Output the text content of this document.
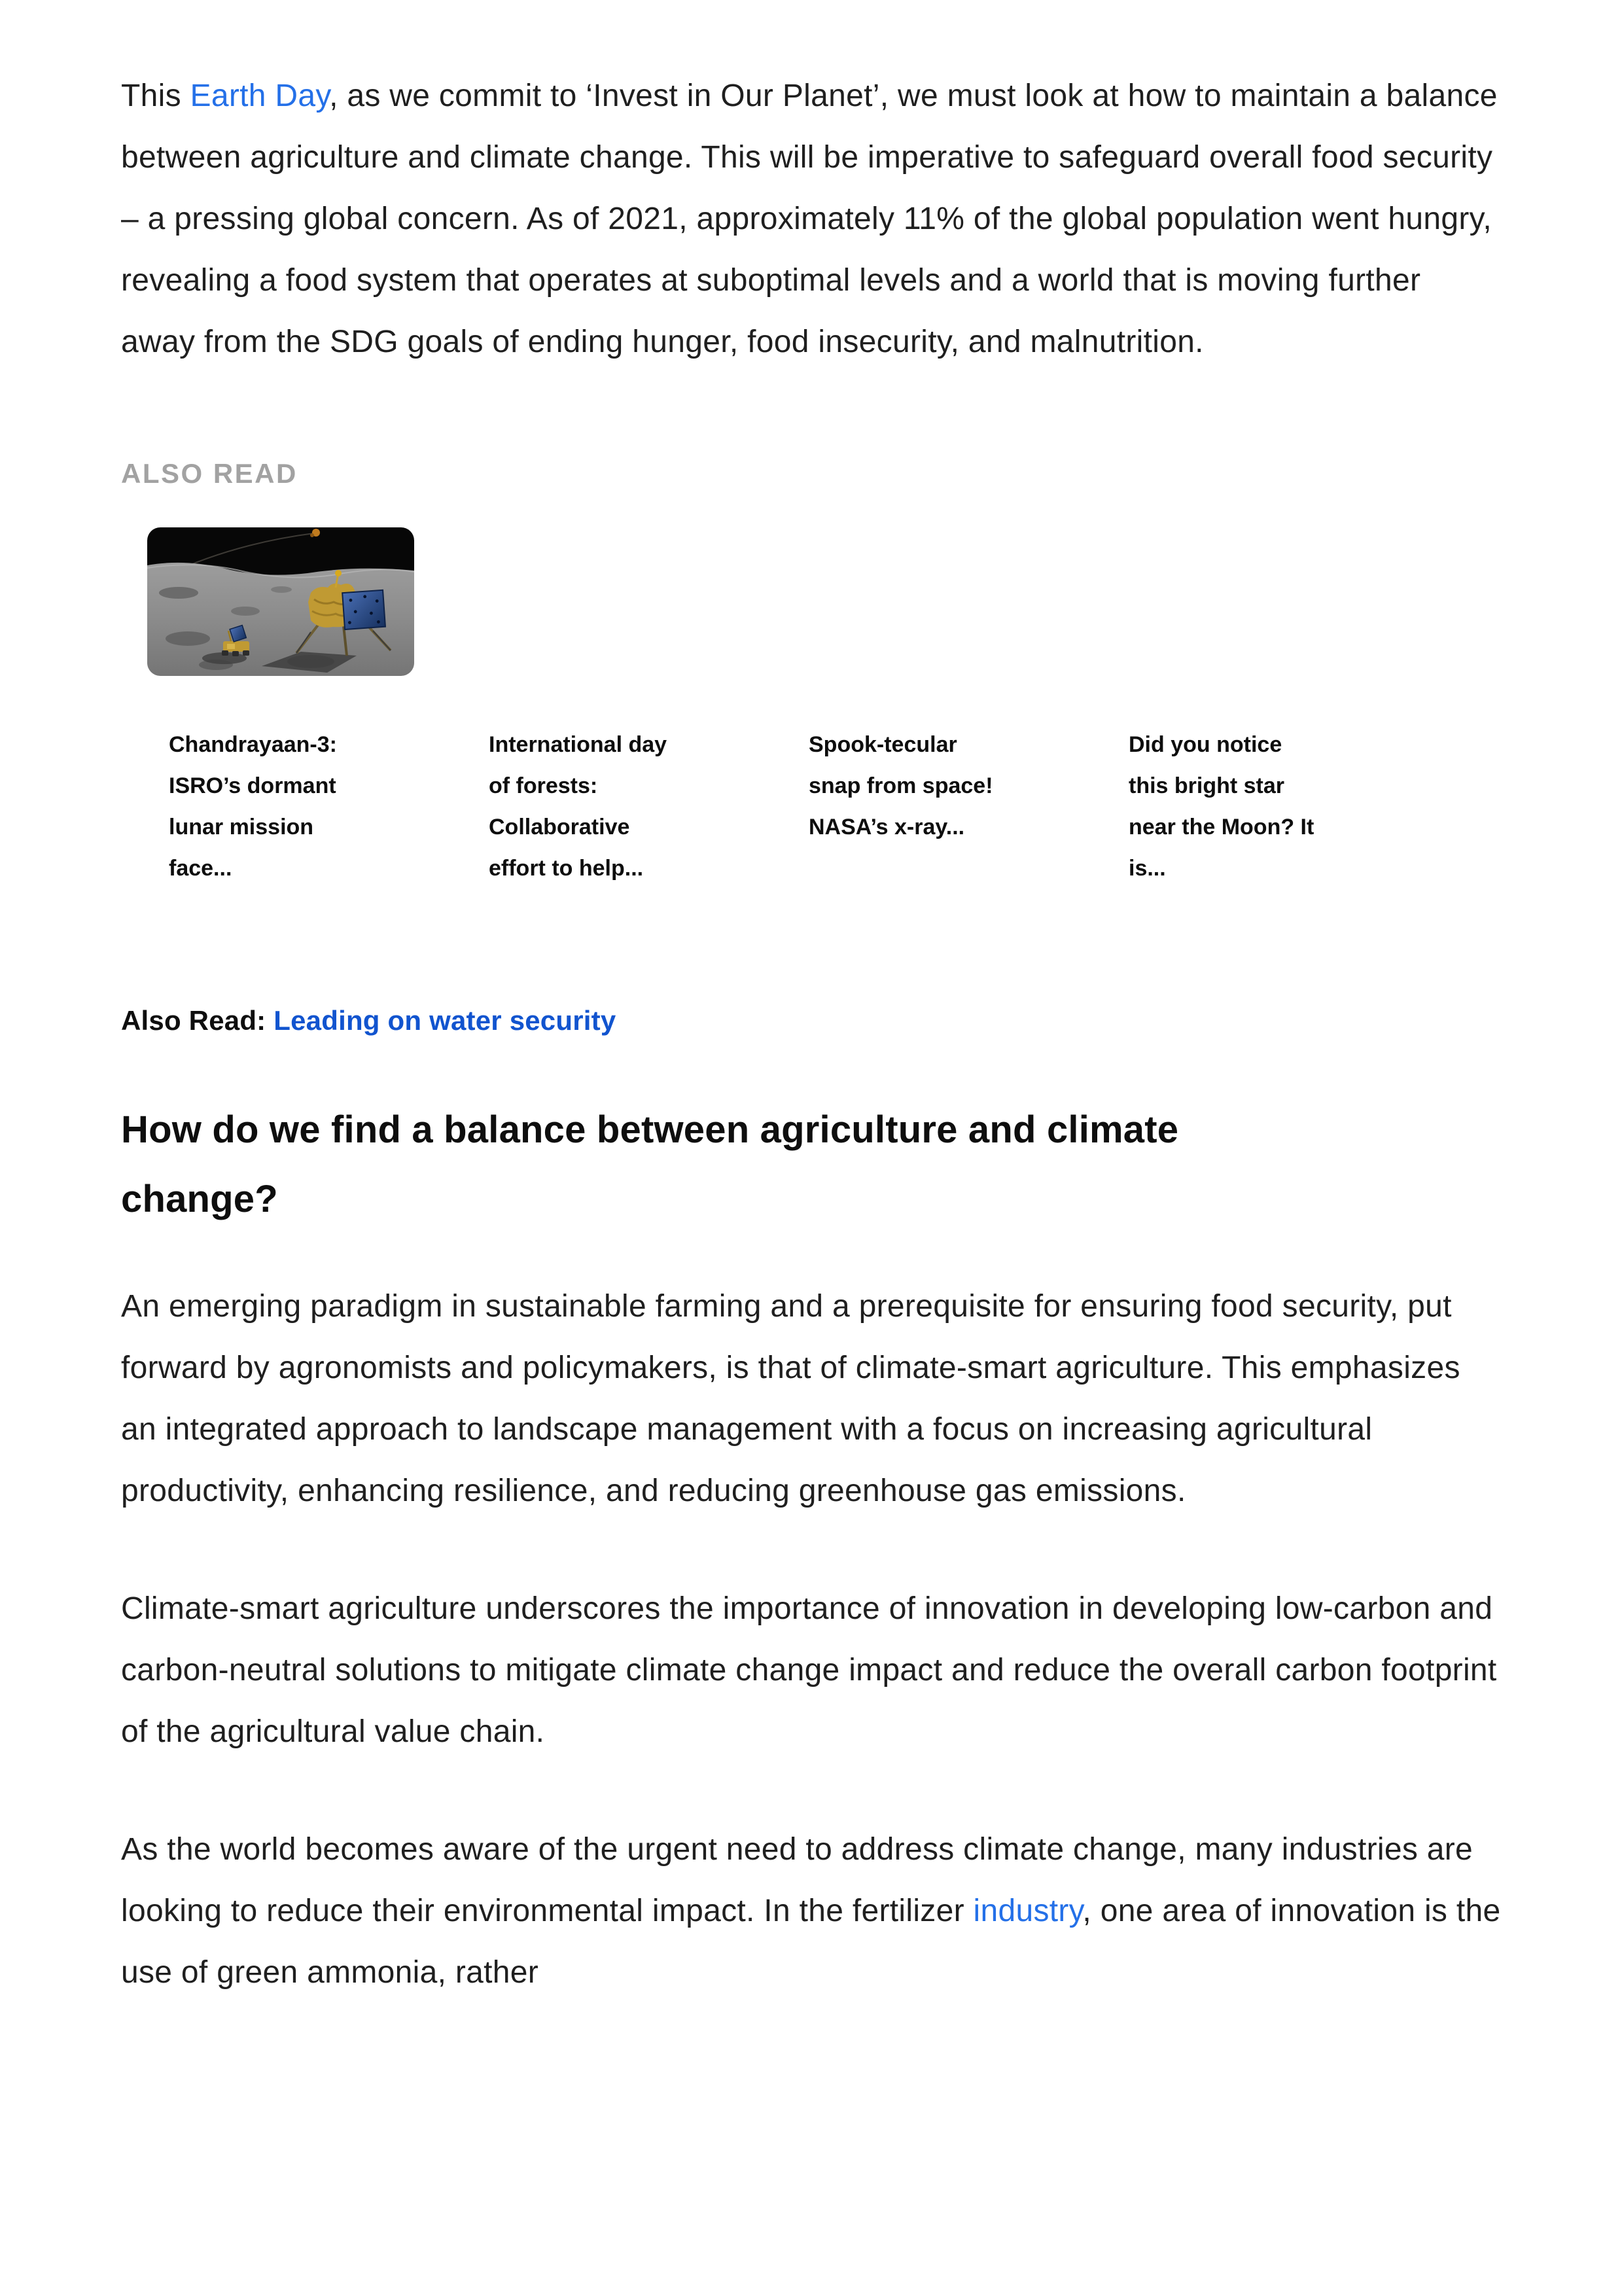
This Earth Day, as we commit to ‘Invest in Our Planet’, we must look at how to maintain a balance between agriculture and climate change. This will be imperative to safeguard overall food security – a pressing global concern. As of 2021, approximately 11% of the global population went hungry, revealing a food system that operates at suboptimal levels and a world that is moving further away from the SDG goals of ending hunger, food insecurity, and malnutrition.

ALSO READ
Chandrayaan-3: ISRO’s dormant lunar mission face...
International day of forests: Collaborative effort to help...
Spook-tecular snap from space! NASA’s x-ray...
Did you notice this bright star near the Moon? It is...
Also Read: Leading on water security
How do we find a balance between agriculture and climate change?

An emerging paradigm in sustainable farming and a prerequisite for ensuring food security, put forward by agronomists and policymakers, is that of climate-smart agriculture. This emphasizes an integrated approach to landscape management with a focus on increasing agricultural productivity, enhancing resilience, and reducing greenhouse gas emissions.

Climate-smart agriculture underscores the importance of innovation in developing low-carbon and carbon-neutral solutions to mitigate climate change impact and reduce the overall carbon footprint of the agricultural value chain.

As the world becomes aware of the urgent need to address climate change, many industries are looking to reduce their environmental impact. In the fertilizer industry, one area of innovation is the use of green ammonia, rather
